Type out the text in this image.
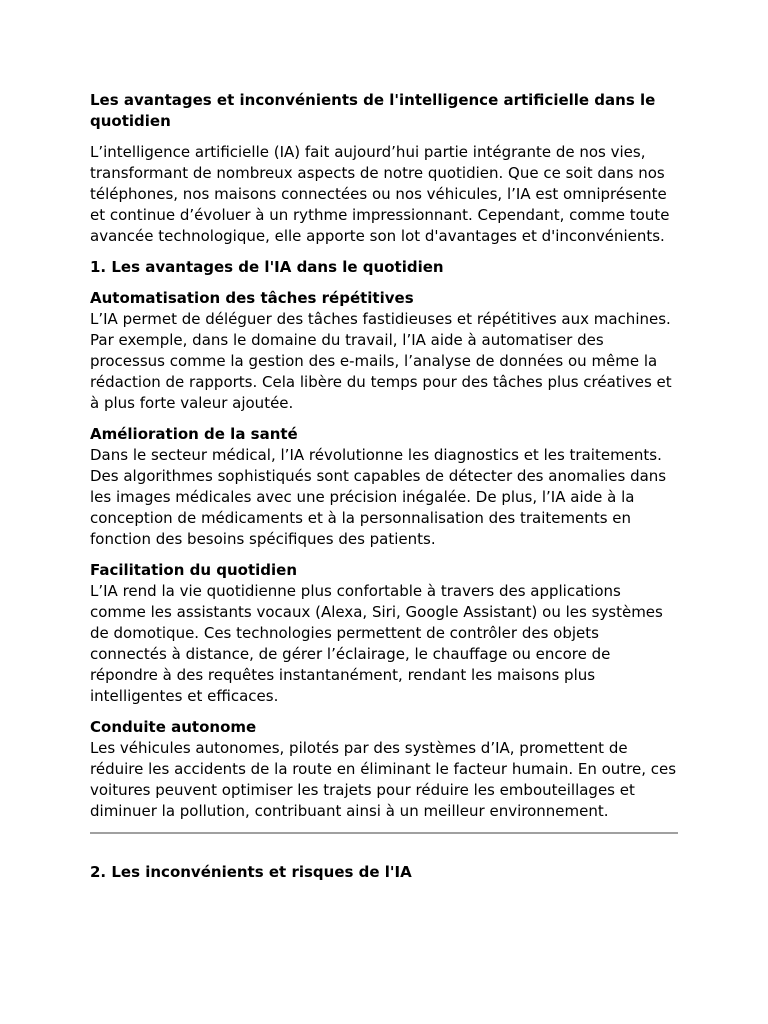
Les avantages et inconvénients de l'intelligence artificielle dans le quotidien

L’intelligence artificielle (IA) fait aujourd’hui partie intégrante de nos vies, transformant de nombreux aspects de notre quotidien. Que ce soit dans nos téléphones, nos maisons connectées ou nos véhicules, l’IA est omniprésente et continue d’évoluer à un rythme impressionnant. Cependant, comme toute avancée technologique, elle apporte son lot d'avantages et d'inconvénients.

1. Les avantages de l'IA dans le quotidien
Automatisation des tâches répétitives

L’IA permet de déléguer des tâches fastidieuses et répétitives aux machines. Par exemple, dans le domaine du travail, l’IA aide à automatiser des processus comme la gestion des e-mails, l’analyse de données ou même la rédaction de rapports. Cela libère du temps pour des tâches plus créatives et à plus forte valeur ajoutée.

Amélioration de la santé

Dans le secteur médical, l’IA révolutionne les diagnostics et les traitements. Des algorithmes sophistiqués sont capables de détecter des anomalies dans les images médicales avec une précision inégalée. De plus, l’IA aide à la conception de médicaments et à la personnalisation des traitements en fonction des besoins spécifiques des patients.

Facilitation du quotidien

L’IA rend la vie quotidienne plus confortable à travers des applications comme les assistants vocaux (Alexa, Siri, Google Assistant) ou les systèmes de domotique. Ces technologies permettent de contrôler des objets connectés à distance, de gérer l’éclairage, le chauffage ou encore de répondre à des requêtes instantanément, rendant les maisons plus intelligentes et efficaces.

Conduite autonome

Les véhicules autonomes, pilotés par des systèmes d’IA, promettent de réduire les accidents de la route en éliminant le facteur humain. En outre, ces voitures peuvent optimiser les trajets pour réduire les embouteillages et diminuer la pollution, contribuant ainsi à un meilleur environnement.

2. Les inconvénients et risques de l'IA
